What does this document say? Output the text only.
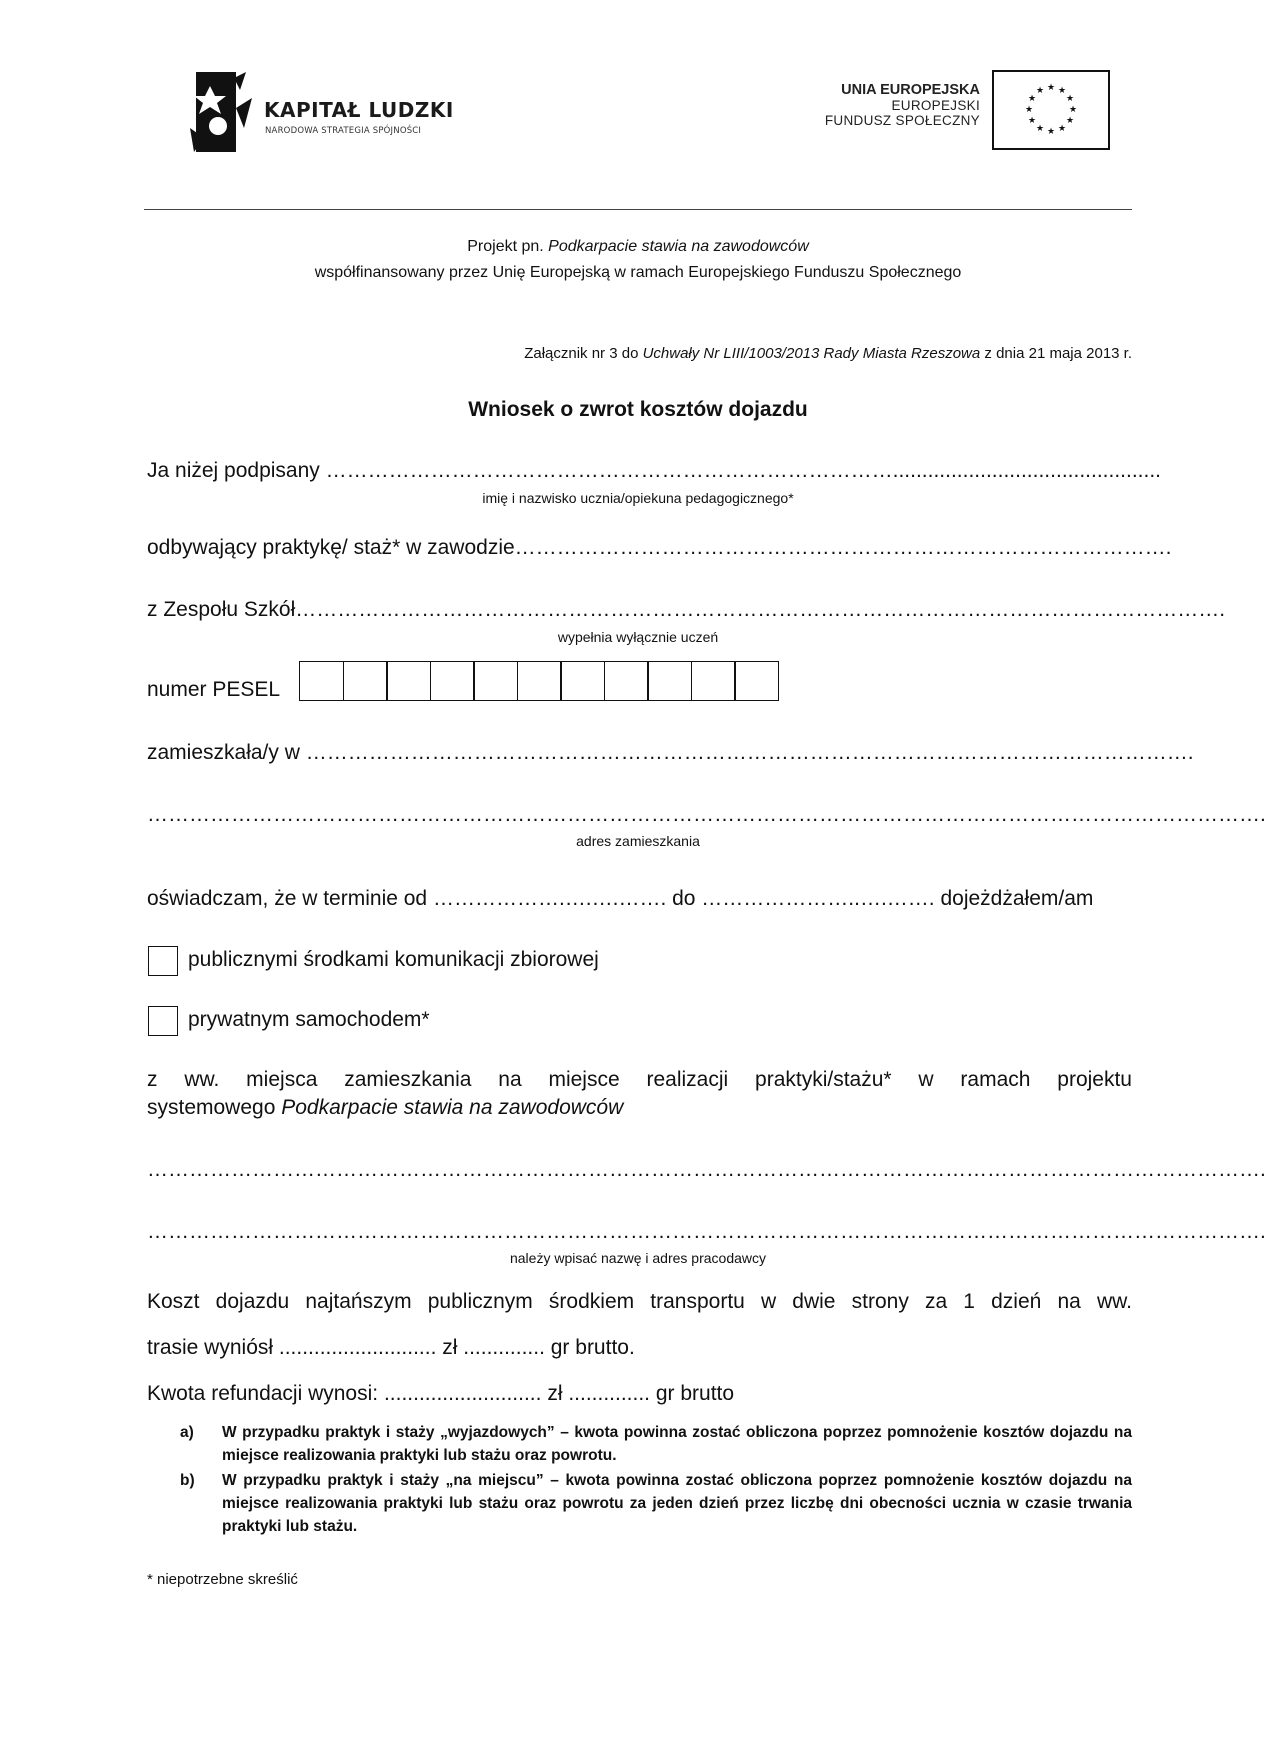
KAPITAŁ LUDZKI
NARODOWA STRATEGIA SPÓJNOŚCI
UNIA EUROPEJSKA
EUROPEJSKI
FUNDUSZ SPOŁECZNY
★ ★
★
★
★
★
★
★
★
★
★
★
Projekt pn. Podkarpacie stawia na zawodowców
współfinansowany przez Unię Europejską w ramach Europejskiego Funduszu Społecznego
Załącznik nr 3 do Uchwały Nr LIII/1003/2013 Rady Miasta Rzeszowa z dnia 21 maja 2013 r.
Wniosek o zwrot kosztów dojazdu
Ja niżej podpisany ………………………………………………………………………..............................................
imię i nazwisko ucznia/opiekuna pedagogicznego*
odbywający praktykę/ staż* w zawodzie………………………………………………………………………………….
z Zespołu Szkół…………………………………………………………………………………………………………………….
wypełnia wyłącznie uczeń
numer PESEL
zamieszkała/y w ……………………………………………………………………………………………………………….
…………………………………………………………………………………………………………………………………………….
adres zamieszkania
oświadczam, że w terminie od ……………….….….……. do …………………..….……. dojeżdżałem/am
publicznymi środkami komunikacji zbiorowej
prywatnym samochodem*
z ww. miejsca zamieszkania na miejsce realizacji praktyki/stażu* w ramach projektu
systemowego Podkarpacie stawia na zawodowców
…………………………………………………………………………………………………………………………………………….
…………………………………………………………………………………………………………………………………………….
należy wpisać nazwę i adres pracodawcy
Koszt dojazdu najtańszym publicznym środkiem transportu w dwie strony za 1 dzień na ww.
trasie wyniósł ........................... zł .............. gr brutto.
Kwota refundacji wynosi: ........................... zł .............. gr brutto
a)	W przypadku praktyk i staży „wyjazdowych” – kwota powinna zostać obliczona poprzez pomnożenie kosztów dojazdu na miejsce realizowania praktyki lub stażu oraz powrotu.
b)	W przypadku praktyk i staży „na miejscu” – kwota powinna zostać obliczona poprzez pomnożenie kosztów dojazdu na miejsce realizowania praktyki lub stażu oraz powrotu za jeden dzień przez liczbę dni obecności ucznia w czasie trwania praktyki lub stażu.
* niepotrzebne skreślić
